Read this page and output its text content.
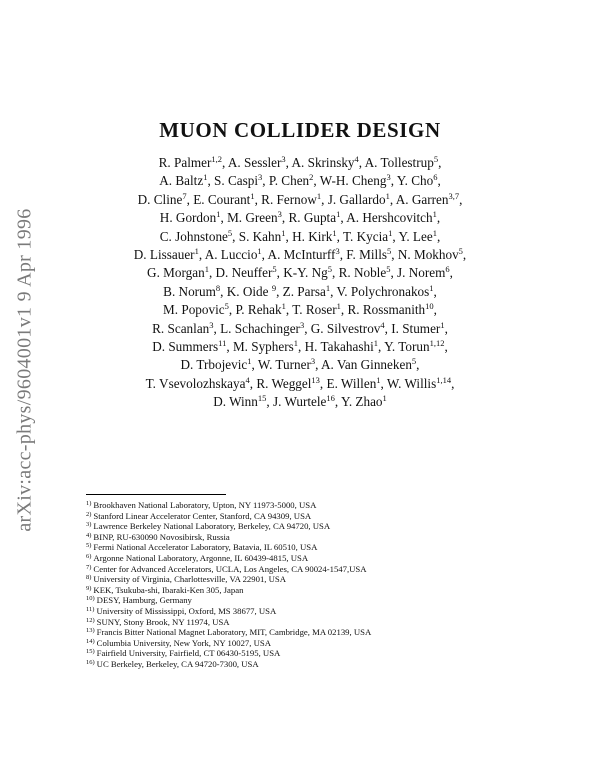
arXiv:acc-phys/9604001v1 9 Apr 1996
MUON COLLIDER DESIGN
R. Palmer$^{1,2}$, A. Sessler$^3$, A. Skrinsky$^4$, A. Tollestrup$^5$,
A. Baltz$^1$, S. Caspi$^3$, P. Chen$^2$, W-H. Cheng$^3$, Y. Cho$^6$,
D. Cline$^7$, E. Courant$^1$, R. Fernow$^1$, J. Gallardo$^1$, A. Garren$^{3,7}$,
H. Gordon$^1$, M. Green$^3$, R. Gupta$^1$, A. Hershcovitch$^1$,
C. Johnstone$^5$, S. Kahn$^1$, H. Kirk$^1$, T. Kycia$^1$, Y. Lee$^1$,
D. Lissauer$^1$, A. Luccio$^1$, A. McInturff$^3$, F. Mills$^5$, N. Mokhov$^5$,
G. Morgan$^1$, D. Neuffer$^5$, K-Y. Ng$^5$, R. Noble$^5$, J. Norem$^6$,
B. Norum$^8$, K. Oide $^9$, Z. Parsa$^1$, V. Polychronakos$^1$,
M. Popovic$^5$, P. Rehak$^1$, T. Roser$^1$, R. Rossmanith$^{10}$,
R. Scanlan$^3$, L. Schachinger$^3$, G. Silvestrov$^4$, I. Stumer$^1$,
D. Summers$^{11}$, M. Syphers$^1$, H. Takahashi$^1$, Y. Torun$^{1,12}$,
D. Trbojevic$^1$, W. Turner$^3$, A. Van Ginneken$^5$,
T. Vsevolozhskaya$^4$, R. Weggel$^{13}$, E. Willen$^1$, W. Willis$^{1,14}$,
D. Winn$^{15}$, J. Wurtele$^{16}$, Y. Zhao$^1$
$^{1)}$ Brookhaven National Laboratory, Upton, NY 11973-5000, USA
$^{2)}$ Stanford Linear Accelerator Center, Stanford, CA 94309, USA
$^{3)}$ Lawrence Berkeley National Laboratory, Berkeley, CA 94720, USA
$^{4)}$ BINP, RU-630090 Novosibirsk, Russia
$^{5)}$ Fermi National Accelerator Laboratory, Batavia, IL 60510, USA
$^{6)}$ Argonne National Laboratory, Argonne, IL 60439-4815, USA
$^{7)}$ Center for Advanced Accelerators, UCLA, Los Angeles, CA 90024-1547,USA
$^{8)}$ University of Virginia, Charlottesville, VA 22901, USA
$^{9)}$ KEK, Tsukuba-shi, Ibaraki-Ken 305, Japan
$^{10)}$ DESY, Hamburg, Germany
$^{11)}$ University of Mississippi, Oxford, MS 38677, USA
$^{12)}$ SUNY, Stony Brook, NY 11974, USA
$^{13)}$ Francis Bitter National Magnet Laboratory, MIT, Cambridge, MA 02139, USA
$^{14)}$ Columbia University, New York, NY 10027, USA
$^{15)}$ Fairfield University, Fairfield, CT 06430-5195, USA
$^{16)}$ UC Berkeley, Berkeley, CA 94720-7300, USA
